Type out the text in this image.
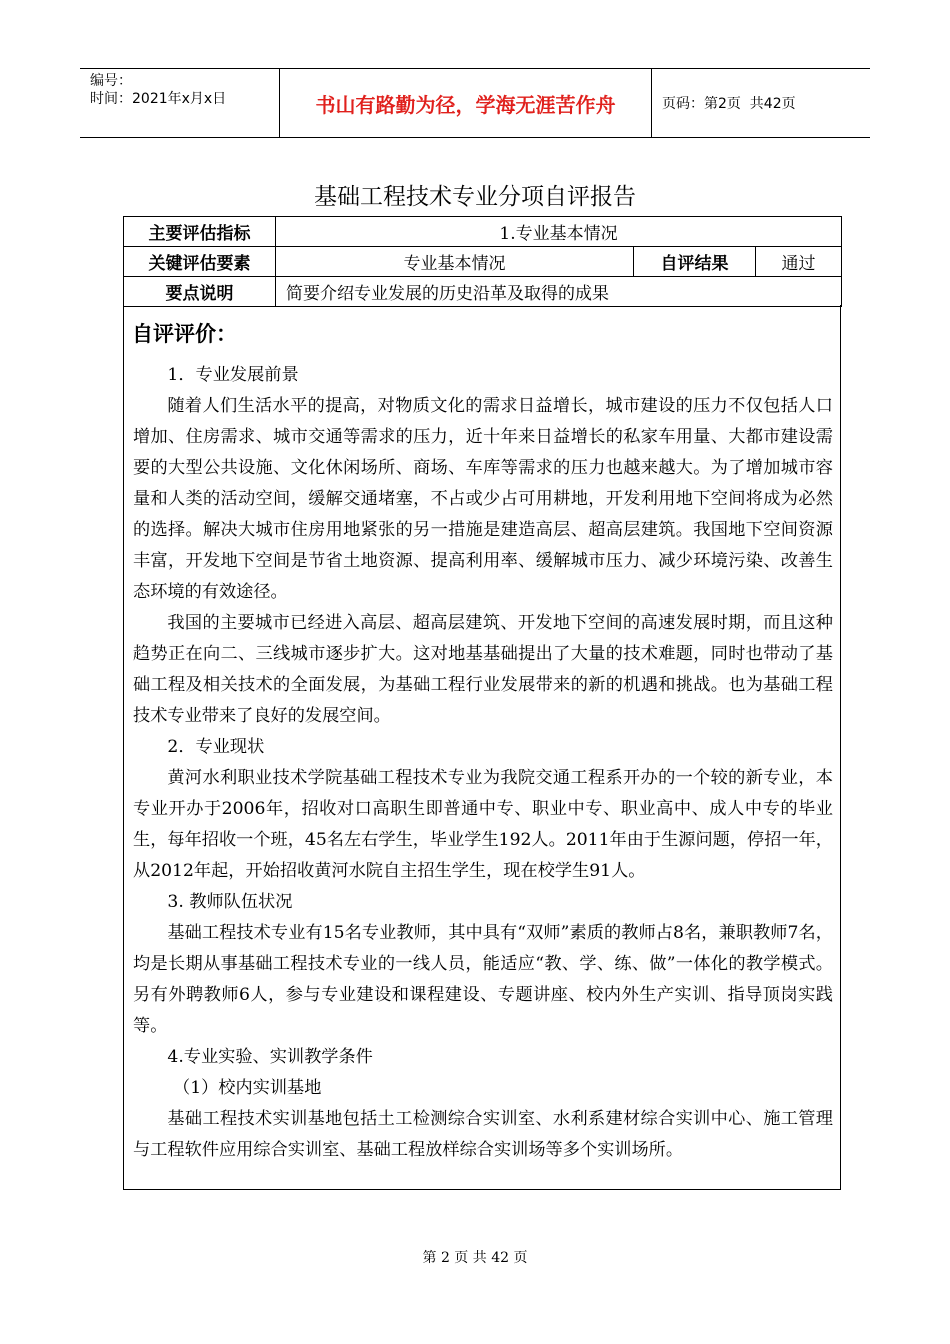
编号：
时间：2021年x月x日	书山有路勤为径，学海无涯苦作舟	页码：第2页  共42页
基础工程技术专业分项自评报告
主要评估指标	1.专业基本情况		
关键评估要素	专业基本情况	自评结果	通过
要点说明	简要介绍专业发展的历史沿革及取得的成果		
自评评价：

1．专业发展前景

随着人们生活水平的提高，对物质文化的需求日益增长，城市建设的压力不仅包括人口增加、住房需求、城市交通等需求的压力，近十年来日益增长的私家车用量、大都市建设需要的大型公共设施、文化休闲场所、商场、车库等需求的压力也越来越大。为了增加城市容量和人类的活动空间，缓解交通堵塞，不占或少占可用耕地，开发利用地下空间将成为必然的选择。解决大城市住房用地紧张的另一措施是建造高层、超高层建筑。我国地下空间资源丰富，开发地下空间是节省土地资源、提高利用率、缓解城市压力、减少环境污染、改善生态环境的有效途径。

我国的主要城市已经进入高层、超高层建筑、开发地下空间的高速发展时期，而且这种趋势正在向二、三线城市逐步扩大。这对地基基础提出了大量的技术难题，同时也带动了基础工程及相关技术的全面发展，为基础工程行业发展带来的新的机遇和挑战。也为基础工程技术专业带来了良好的发展空间。

2．专业现状

黄河水利职业技术学院基础工程技术专业为我院交通工程系开办的一个较的新专业，本专业开办于2006年，招收对口高职生即普通中专、职业中专、职业高中、成人中专的毕业生，每年招收一个班，45名左右学生，毕业学生192人。2011年由于生源问题，停招一年，从2012年起，开始招收黄河水院自主招生学生，现在校学生91人。

3. 教师队伍状况

基础工程技术专业有15名专业教师，其中具有“双师”素质的教师占8名，兼职教师7名，均是长期从事基础工程技术专业的一线人员，能适应“教、学、练、做”一体化的教学模式。另有外聘教师6人，参与专业建设和课程建设、专题讲座、校内外生产实训、指导顶岗实践等。

4.专业实验、实训教学条件

（1）校内实训基地

基础工程技术实训基地包括土工检测综合实训室、水利系建材综合实训中心、施工管理与工程软件应用综合实训室、基础工程放样综合实训场等多个实训场所。

第 2 页 共 42 页
